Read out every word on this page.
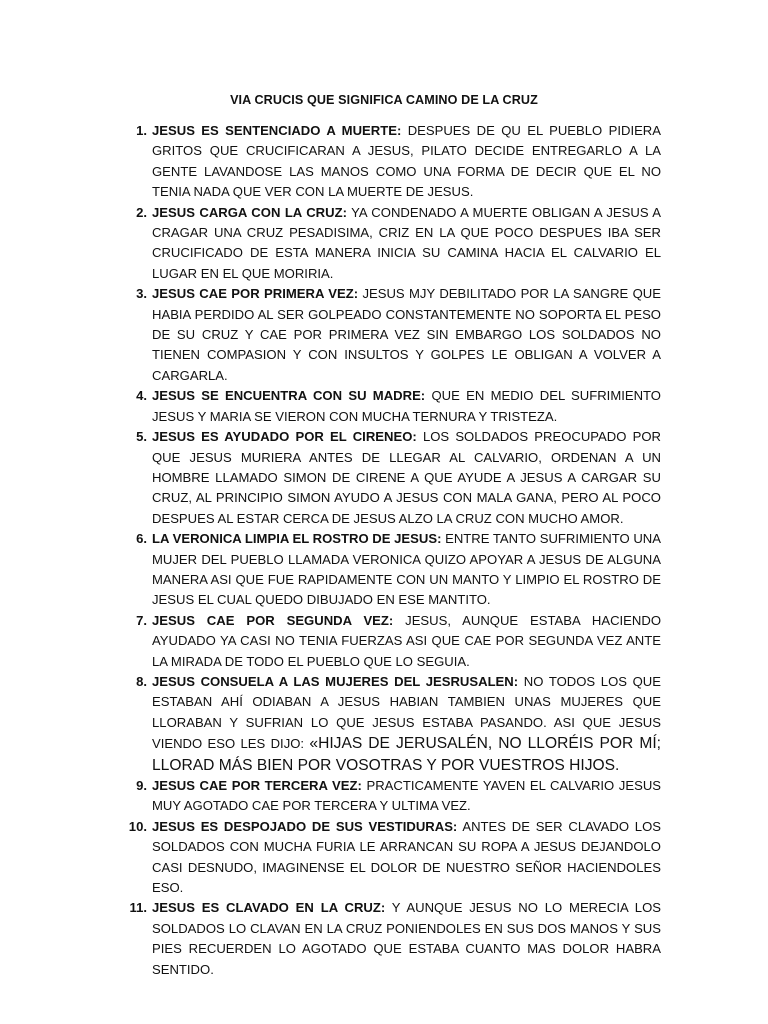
VIA CRUCIS QUE SIGNIFICA CAMINO DE LA CRUZ
1. JESUS ES SENTENCIADO A MUERTE: DESPUES DE QU EL PUEBLO PIDIERA GRITOS QUE CRUCIFICARAN A JESUS, PILATO DECIDE ENTREGARLO A LA GENTE LAVANDOSE LAS MANOS COMO UNA FORMA DE DECIR QUE EL NO TENIA NADA QUE VER CON LA MUERTE DE JESUS.
2. JESUS CARGA CON LA CRUZ: YA CONDENADO A MUERTE OBLIGAN A JESUS A CRAGAR UNA CRUZ PESADISIMA, CRIZ EN LA QUE POCO DESPUES IBA SER CRUCIFICADO DE ESTA MANERA INICIA SU CAMINA HACIA EL CALVARIO EL LUGAR EN EL QUE MORIRIA.
3. JESUS CAE POR PRIMERA VEZ: JESUS MJY DEBILITADO POR LA SANGRE QUE HABIA PERDIDO AL SER GOLPEADO CONSTANTEMENTE NO SOPORTA EL PESO DE SU CRUZ Y CAE POR PRIMERA VEZ SIN EMBARGO LOS SOLDADOS NO TIENEN COMPASION Y CON INSULTOS Y GOLPES LE OBLIGAN A VOLVER A CARGARLA.
4. JESUS SE ENCUENTRA CON SU MADRE: QUE EN MEDIO DEL SUFRIMIENTO JESUS Y MARIA SE VIERON CON MUCHA TERNURA Y TRISTEZA.
5. JESUS ES AYUDADO POR EL CIRENEO: LOS SOLDADOS PREOCUPADO POR QUE JESUS MURIERA ANTES DE LLEGAR AL CALVARIO, ORDENAN A UN HOMBRE LLAMADO SIMON DE CIRENE A QUE AYUDE A JESUS A CARGAR SU CRUZ, AL PRINCIPIO SIMON AYUDO A JESUS CON MALA GANA, PERO AL POCO DESPUES AL ESTAR CERCA DE JESUS ALZO LA CRUZ CON MUCHO AMOR.
6. LA VERONICA LIMPIA EL ROSTRO DE JESUS: ENTRE TANTO SUFRIMIENTO UNA MUJER DEL PUEBLO LLAMADA VERONICA QUIZO APOYAR A JESUS DE ALGUNA MANERA ASI QUE FUE RAPIDAMENTE CON UN MANTO Y LIMPIO EL ROSTRO DE JESUS EL CUAL QUEDO DIBUJADO EN ESE MANTITO.
7. JESUS CAE POR SEGUNDA VEZ: JESUS, AUNQUE ESTABA HACIENDO AYUDADO YA CASI NO TENIA FUERZAS ASI QUE CAE POR SEGUNDA VEZ ANTE LA MIRADA DE TODO EL PUEBLO QUE LO SEGUIA.
8. JESUS CONSUELA A LAS MUJERES DEL JESRUSALEN: NO TODOS LOS QUE ESTABAN AHÍ ODIABAN A JESUS HABIAN TAMBIEN UNAS MUJERES QUE LLORABAN Y SUFRIAN LO QUE JESUS ESTABA PASANDO. ASI QUE JESUS VIENDO ESO LES DIJO: «HIJAS DE JERUSALÉN, NO LLORÉIS POR MÍ; LLORAD MÁS BIEN POR VOSOTRAS Y POR VUESTROS HIJOS.
9. JESUS CAE POR TERCERA VEZ: PRACTICAMENTE YAVEN EL CALVARIO JESUS MUY AGOTADO CAE POR TERCERA Y ULTIMA VEZ.
10. JESUS ES DESPOJADO DE SUS VESTIDURAS: ANTES DE SER CLAVADO LOS SOLDADOS CON MUCHA FURIA LE ARRANCAN SU ROPA A JESUS DEJANDOLO CASI DESNUDO, IMAGINENSE EL DOLOR DE NUESTRO SEÑOR HACIENDOLES ESO.
11. JESUS ES CLAVADO EN LA CRUZ: Y AUNQUE JESUS NO LO MERECIA LOS SOLDADOS LO CLAVAN EN LA CRUZ PONIENDOLES EN SUS DOS MANOS Y SUS PIES RECUERDEN LO AGOTADO QUE ESTABA CUANTO MAS DOLOR HABRA SENTIDO.
